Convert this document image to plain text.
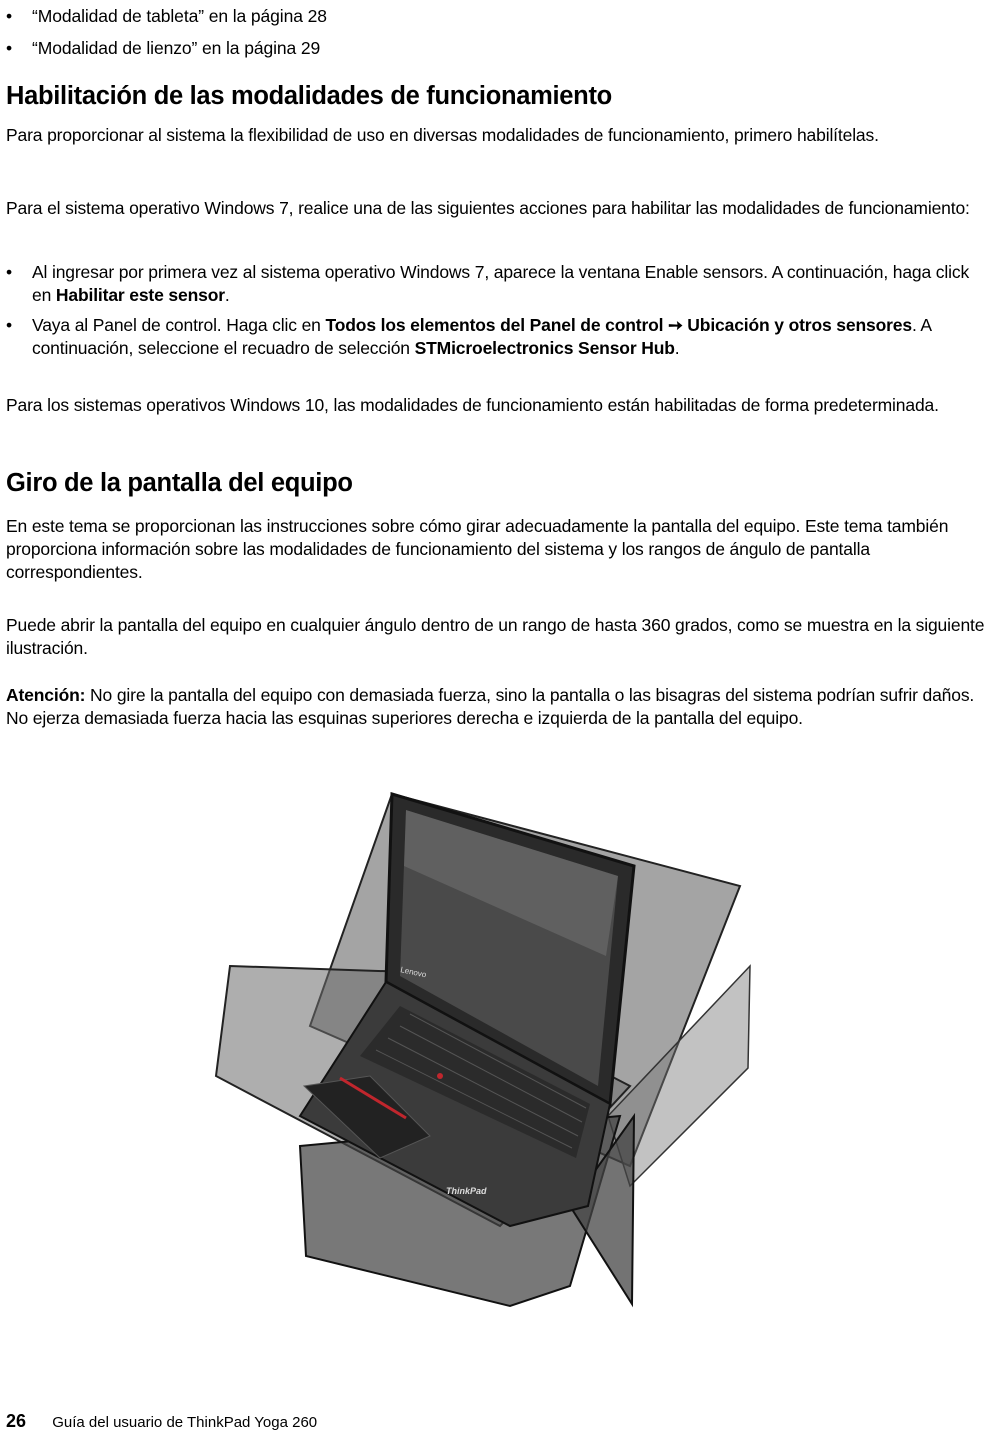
• “Modalidad de tableta” en la página 28
• “Modalidad de lienzo” en la página 29
Habilitación de las modalidades de funcionamiento

Para proporcionar al sistema la flexibilidad de uso en diversas modalidades de funcionamiento, primero habilítelas.

Para el sistema operativo Windows 7, realice una de las siguientes acciones para habilitar las modalidades de funcionamiento:

• Al ingresar por primera vez al sistema operativo Windows 7, aparece la ventana Enable sensors. A continuación, haga click en Habilitar este sensor.
• Vaya al Panel de control. Haga clic en Todos los elementos del Panel de control ➙ Ubicación y otros sensores. A continuación, seleccione el recuadro de selección STMicroelectronics Sensor Hub.

Para los sistemas operativos Windows 10, las modalidades de funcionamiento están habilitadas de forma predeterminada.

Giro de la pantalla del equipo

En este tema se proporcionan las instrucciones sobre cómo girar adecuadamente la pantalla del equipo. Este tema también proporciona información sobre las modalidades de funcionamiento del sistema y los rangos de ángulo de pantalla correspondientes.

Puede abrir la pantalla del equipo en cualquier ángulo dentro de un rango de hasta 360 grados, como se muestra en la siguiente ilustración.

Atención: No gire la pantalla del equipo con demasiada fuerza, sino la pantalla o las bisagras del sistema podrían sufrir daños. No ejerza demasiada fuerza hacia las esquinas superiores derecha e izquierda de la pantalla del equipo.

Lenovo
ThinkPad
26 Guía del usuario de ThinkPad Yoga 260
